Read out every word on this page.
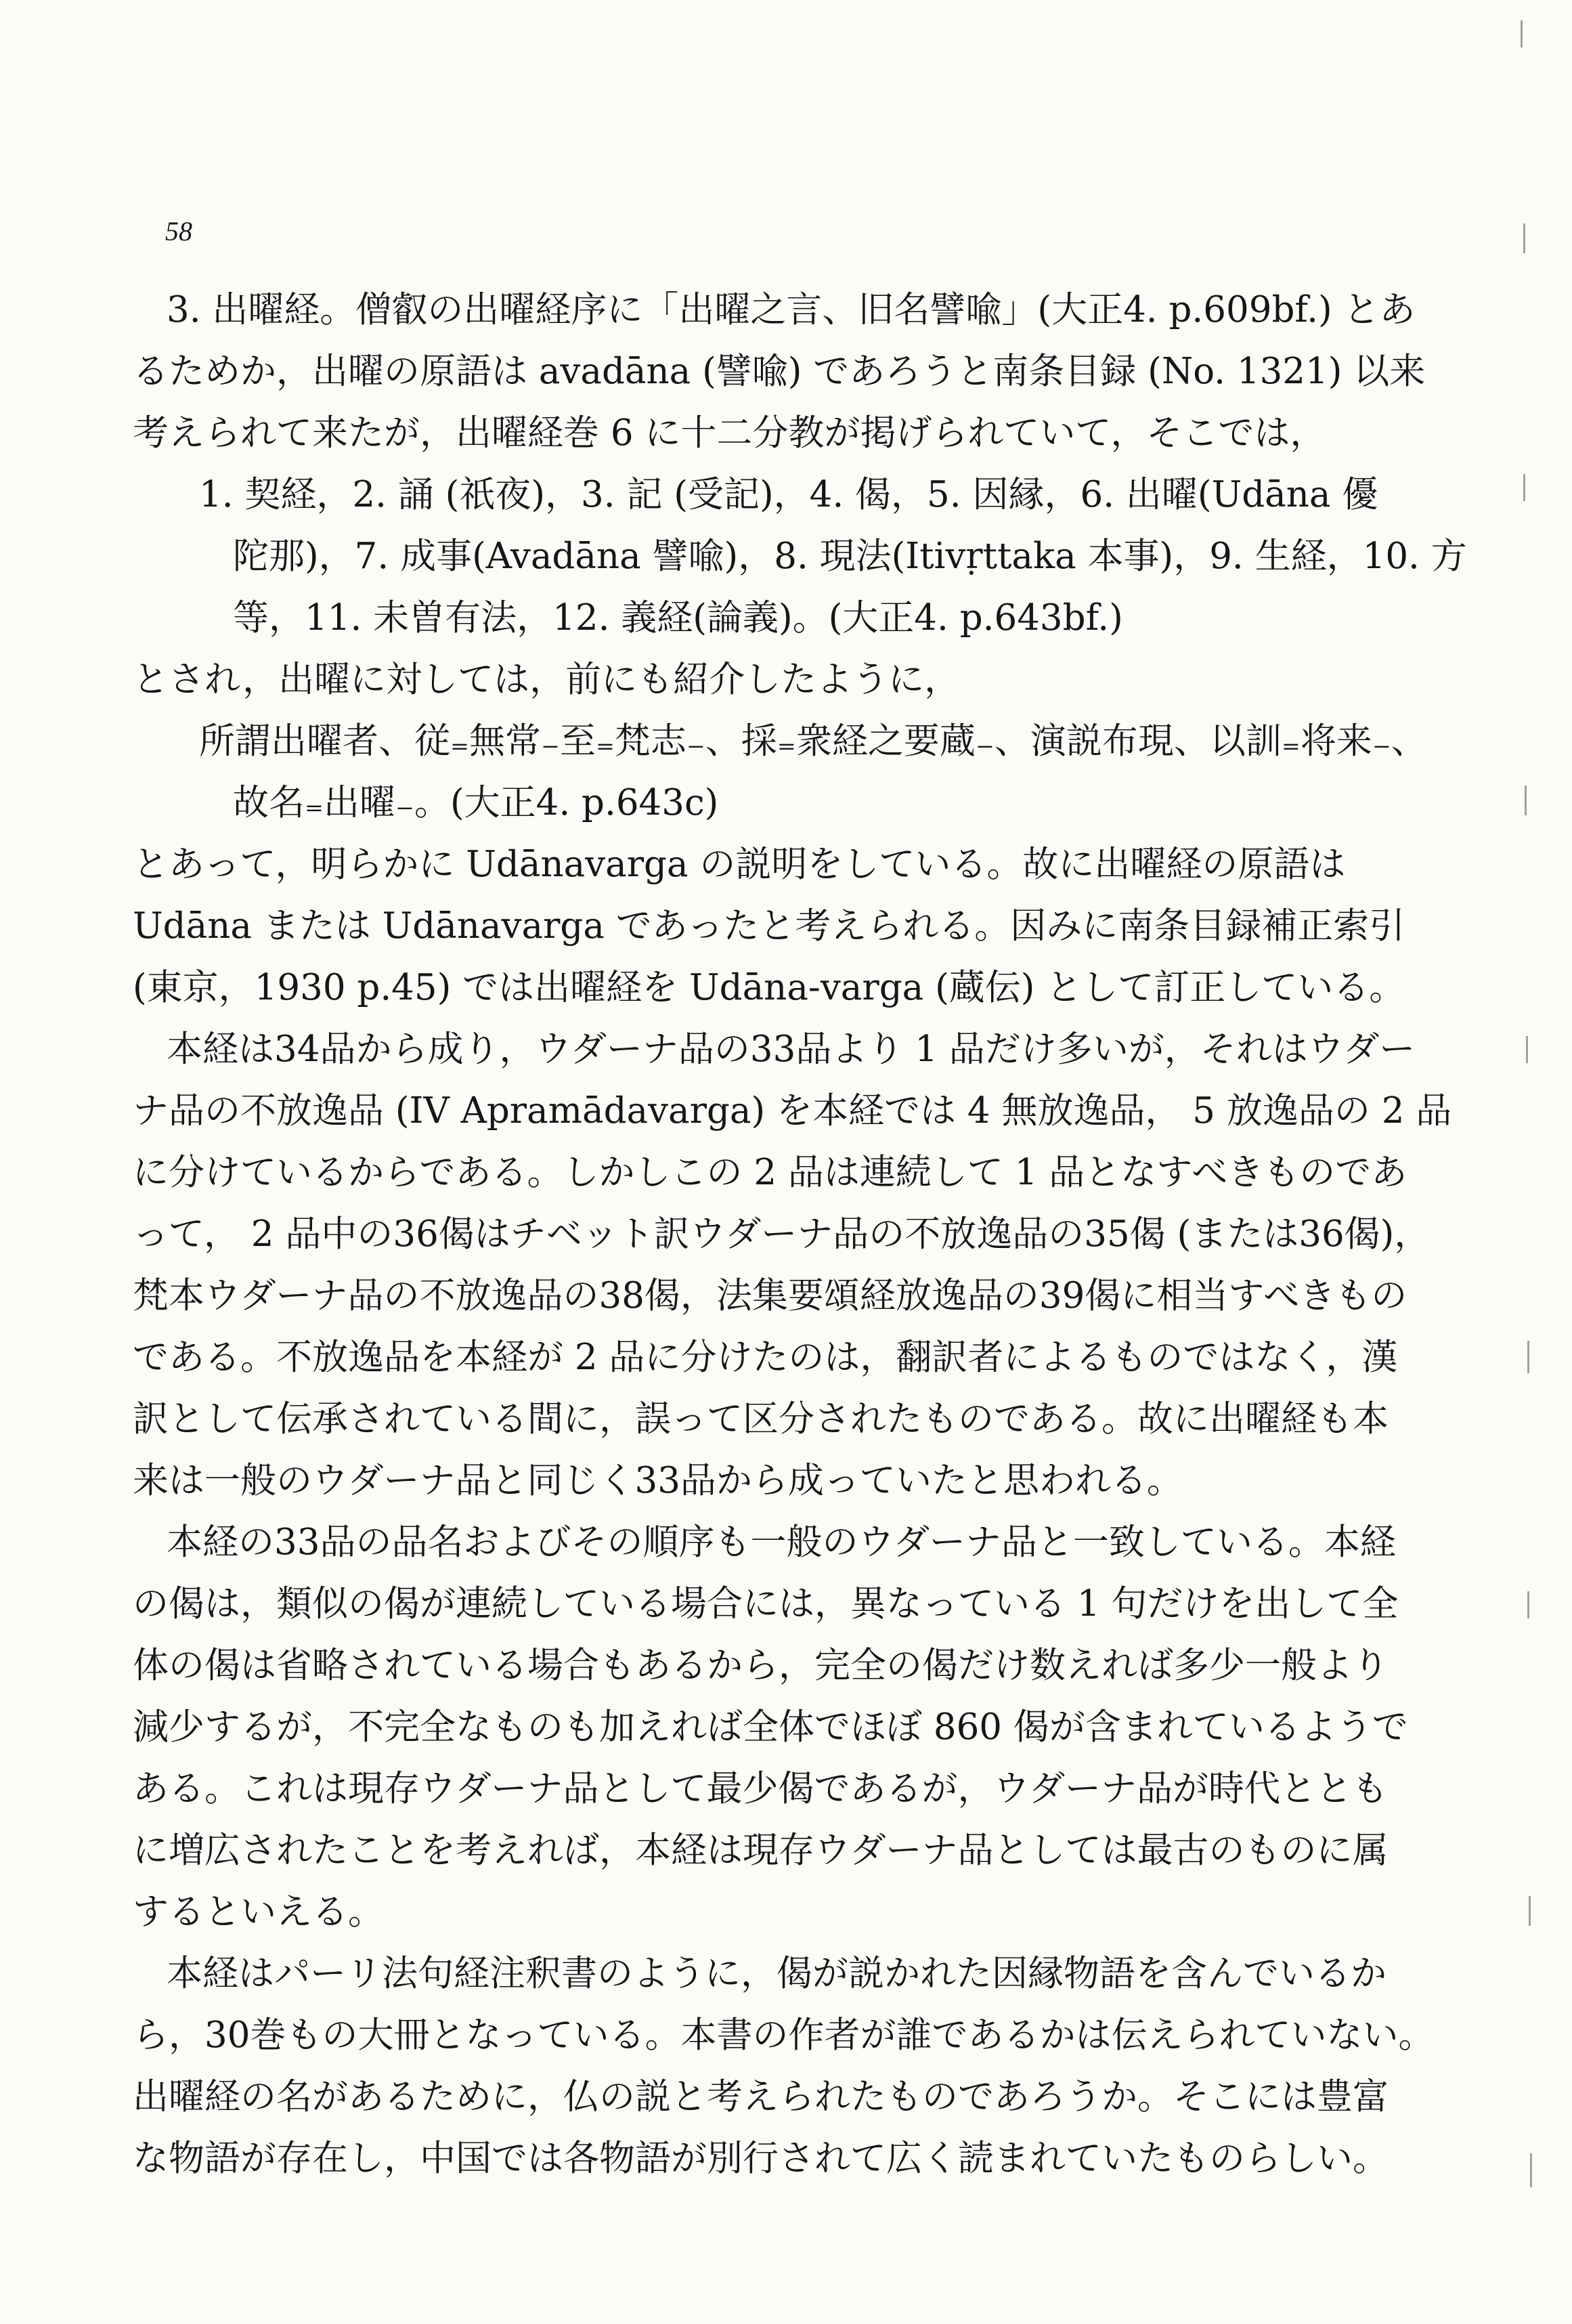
58
3. 出曜経。僧叡の出曜経序に「出曜之言、旧名譬喩」(大正4. p.609bf.) とあ
るためか，出曜の原語は avadāna (譬喩) であろうと南条目録 (No. 1321) 以来
考えられて来たが，出曜経巻 6 に十二分教が掲げられていて，そこでは，
1. 契経，2. 誦 (祇夜)，3. 記 (受記)，4. 偈，5. 因縁，6. 出曜(Udāna 優
陀那)，7. 成事(Avadāna 譬喩)，8. 現法(Itivṛttaka 本事)，9. 生経，10. 方
等，11. 未曽有法，12. 義経(論義)。(大正4. p.643bf.)
とされ，出曜に対しては，前にも紹介したように，
所謂出曜者、従₌無常₋至₌梵志₋、採₌衆経之要蔵₋、演説布現、以訓₌将来₋、
故名₌出曜₋。(大正4. p.643c)
とあって，明らかに Udānavarga の説明をしている。故に出曜経の原語は
Udāna または Udānavarga であったと考えられる。因みに南条目録補正索引
(東京，1930 p.45) では出曜経を Udāna-varga (蔵伝) として訂正している。
本経は34品から成り，ウダーナ品の33品より 1 品だけ多いが，それはウダー
ナ品の不放逸品 (IV Apramādavarga) を本経では 4 無放逸品， 5 放逸品の 2 品
に分けているからである。しかしこの 2 品は連続して 1 品となすべきものであ
って， 2 品中の36偈はチベット訳ウダーナ品の不放逸品の35偈 (または36偈)，
梵本ウダーナ品の不放逸品の38偈，法集要頌経放逸品の39偈に相当すべきもの
である。不放逸品を本経が 2 品に分けたのは，翻訳者によるものではなく，漢
訳として伝承されている間に，誤って区分されたものである。故に出曜経も本
来は一般のウダーナ品と同じく33品から成っていたと思われる。
本経の33品の品名およびその順序も一般のウダーナ品と一致している。本経
の偈は，類似の偈が連続している場合には，異なっている 1 句だけを出して全
体の偈は省略されている場合もあるから，完全の偈だけ数えれば多少一般より
減少するが，不完全なものも加えれば全体でほぼ 860 偈が含まれているようで
ある。これは現存ウダーナ品として最少偈であるが，ウダーナ品が時代ととも
に増広されたことを考えれば，本経は現存ウダーナ品としては最古のものに属
するといえる。
本経はパーリ法句経注釈書のように，偈が説かれた因縁物語を含んでいるか
ら，30巻もの大冊となっている。本書の作者が誰であるかは伝えられていない。
出曜経の名があるために，仏の説と考えられたものであろうか。そこには豊富
な物語が存在し，中国では各物語が別行されて広く読まれていたものらしい。
